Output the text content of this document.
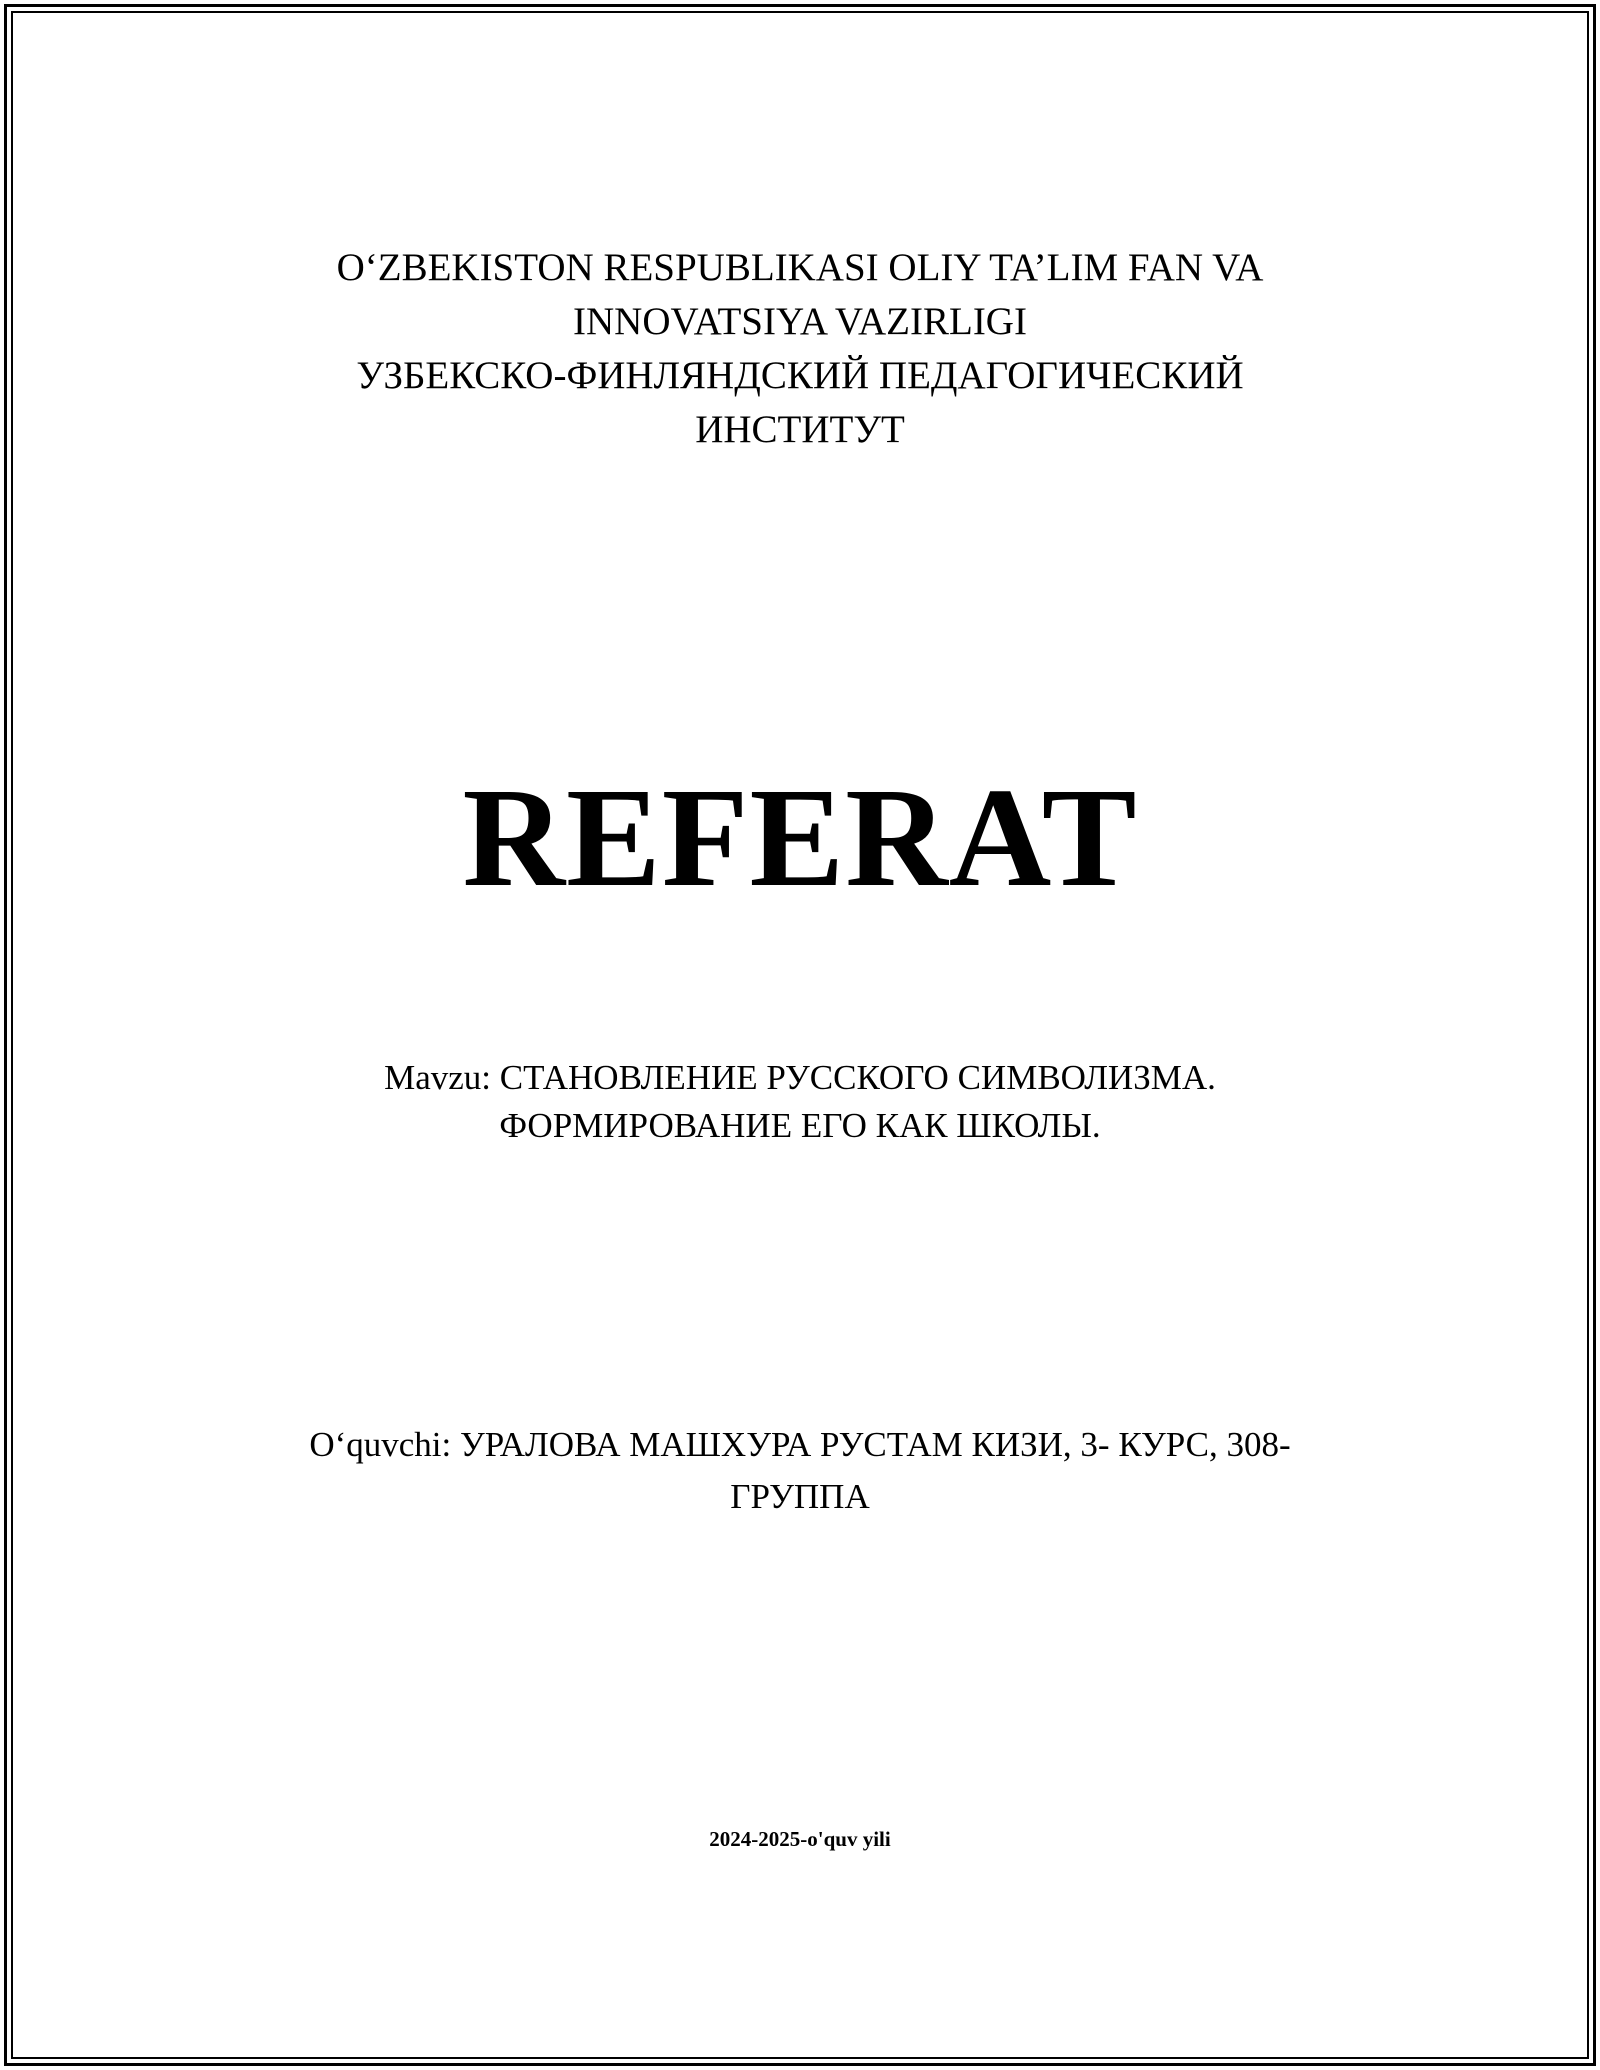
O‘ZBEKISTON RESPUBLIKASI OLIY TA’LIM FAN VA
INNOVATSIYA VAZIRLIGI
УЗБЕКСКО-ФИНЛЯНДСКИЙ ПЕДАГОГИЧЕСКИЙ
ИНСТИТУТ
REFERAT
Mavzu: СТАНОВЛЕНИЕ РУССКОГО СИМВОЛИЗМА.
ФОРМИРОВАНИЕ ЕГО КАК ШКОЛЫ.
O‘quvchi: УРАЛОВА МАШХУРА РУСТАМ КИЗИ, 3- КУРС, 308-
ГРУППА
2024-2025-o'quv yili
